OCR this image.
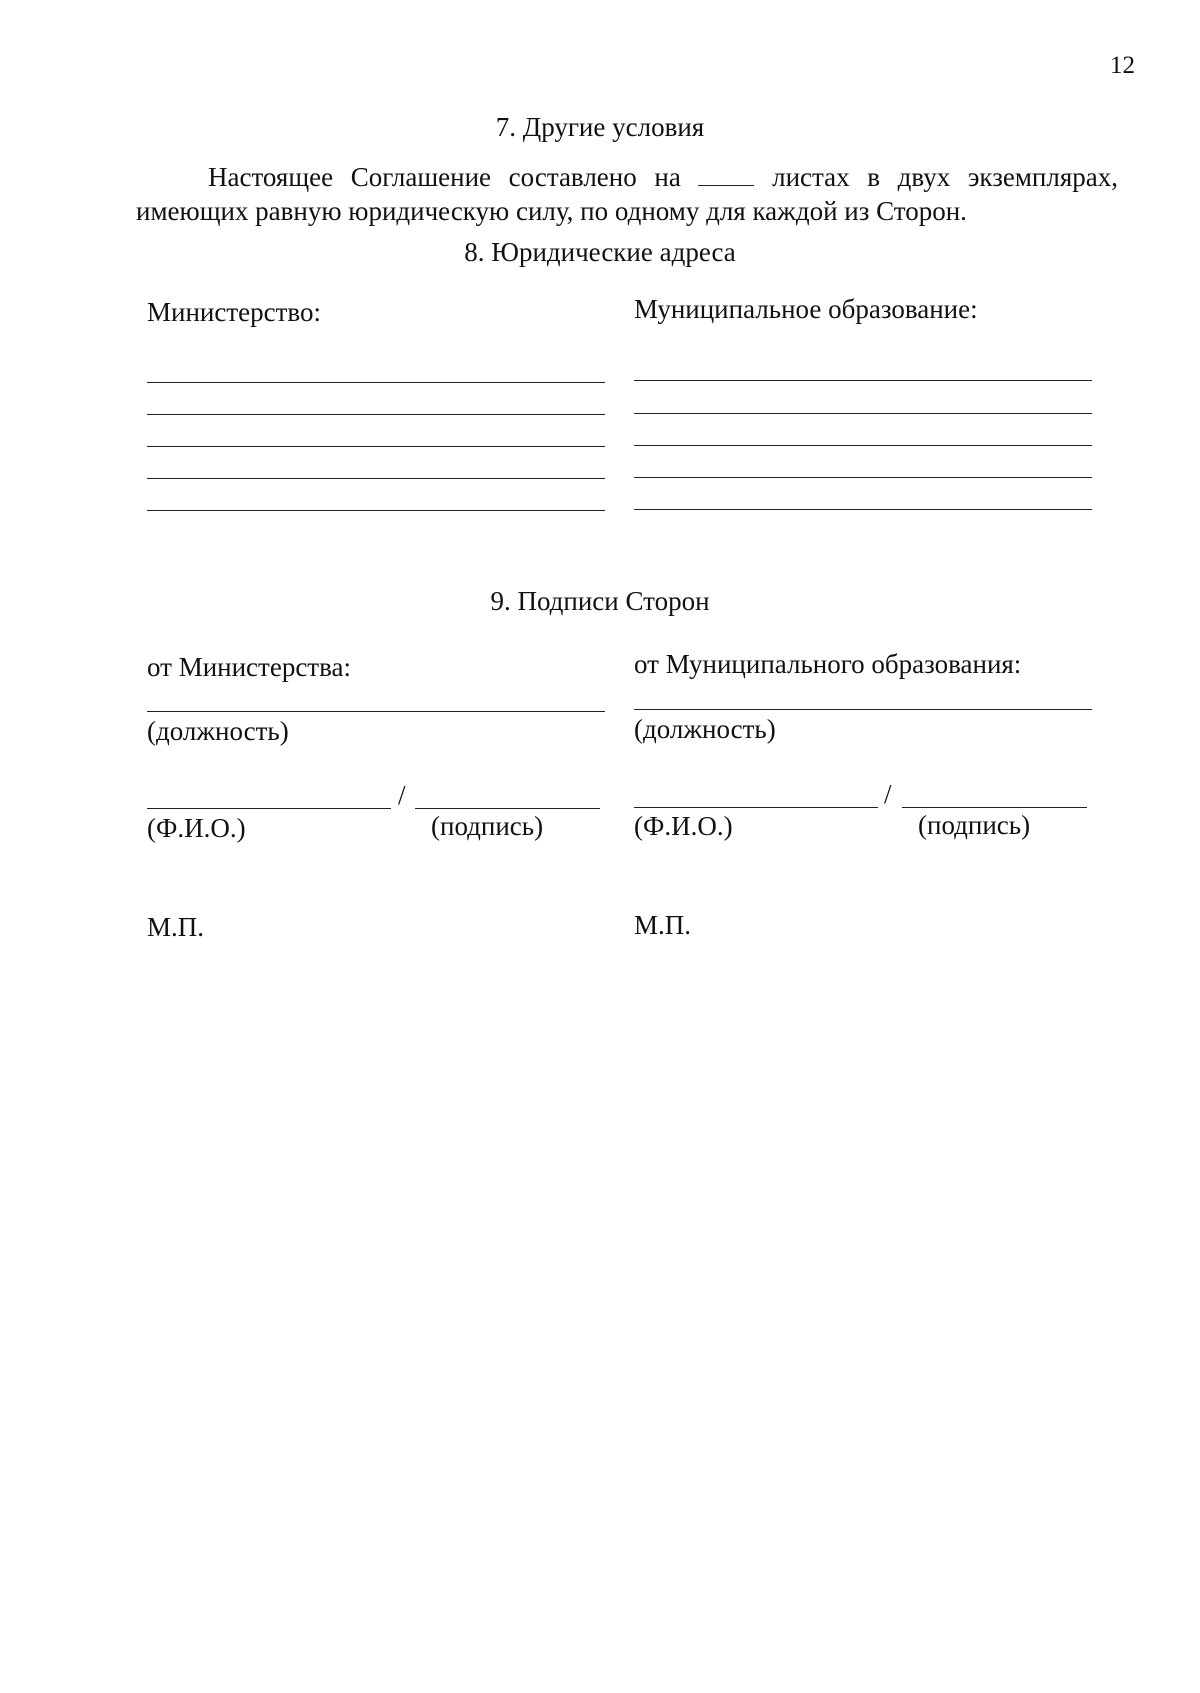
12
7. Другие условия

Настоящее Соглашение составлено на	листах в двух экземплярах,

имеющих равную юридическую силу, по одному для каждой из Сторон.

8. Юридические адреса
Министерство:	Муниципальное образование:
9. Подписи Сторон
от Министерства:	от Муниципального образования:
(должность)	(должность)
/
(Ф.И.О.)	(подпись)
/
(Ф.И.О.)	(подпись)
М.П.	М.П.
